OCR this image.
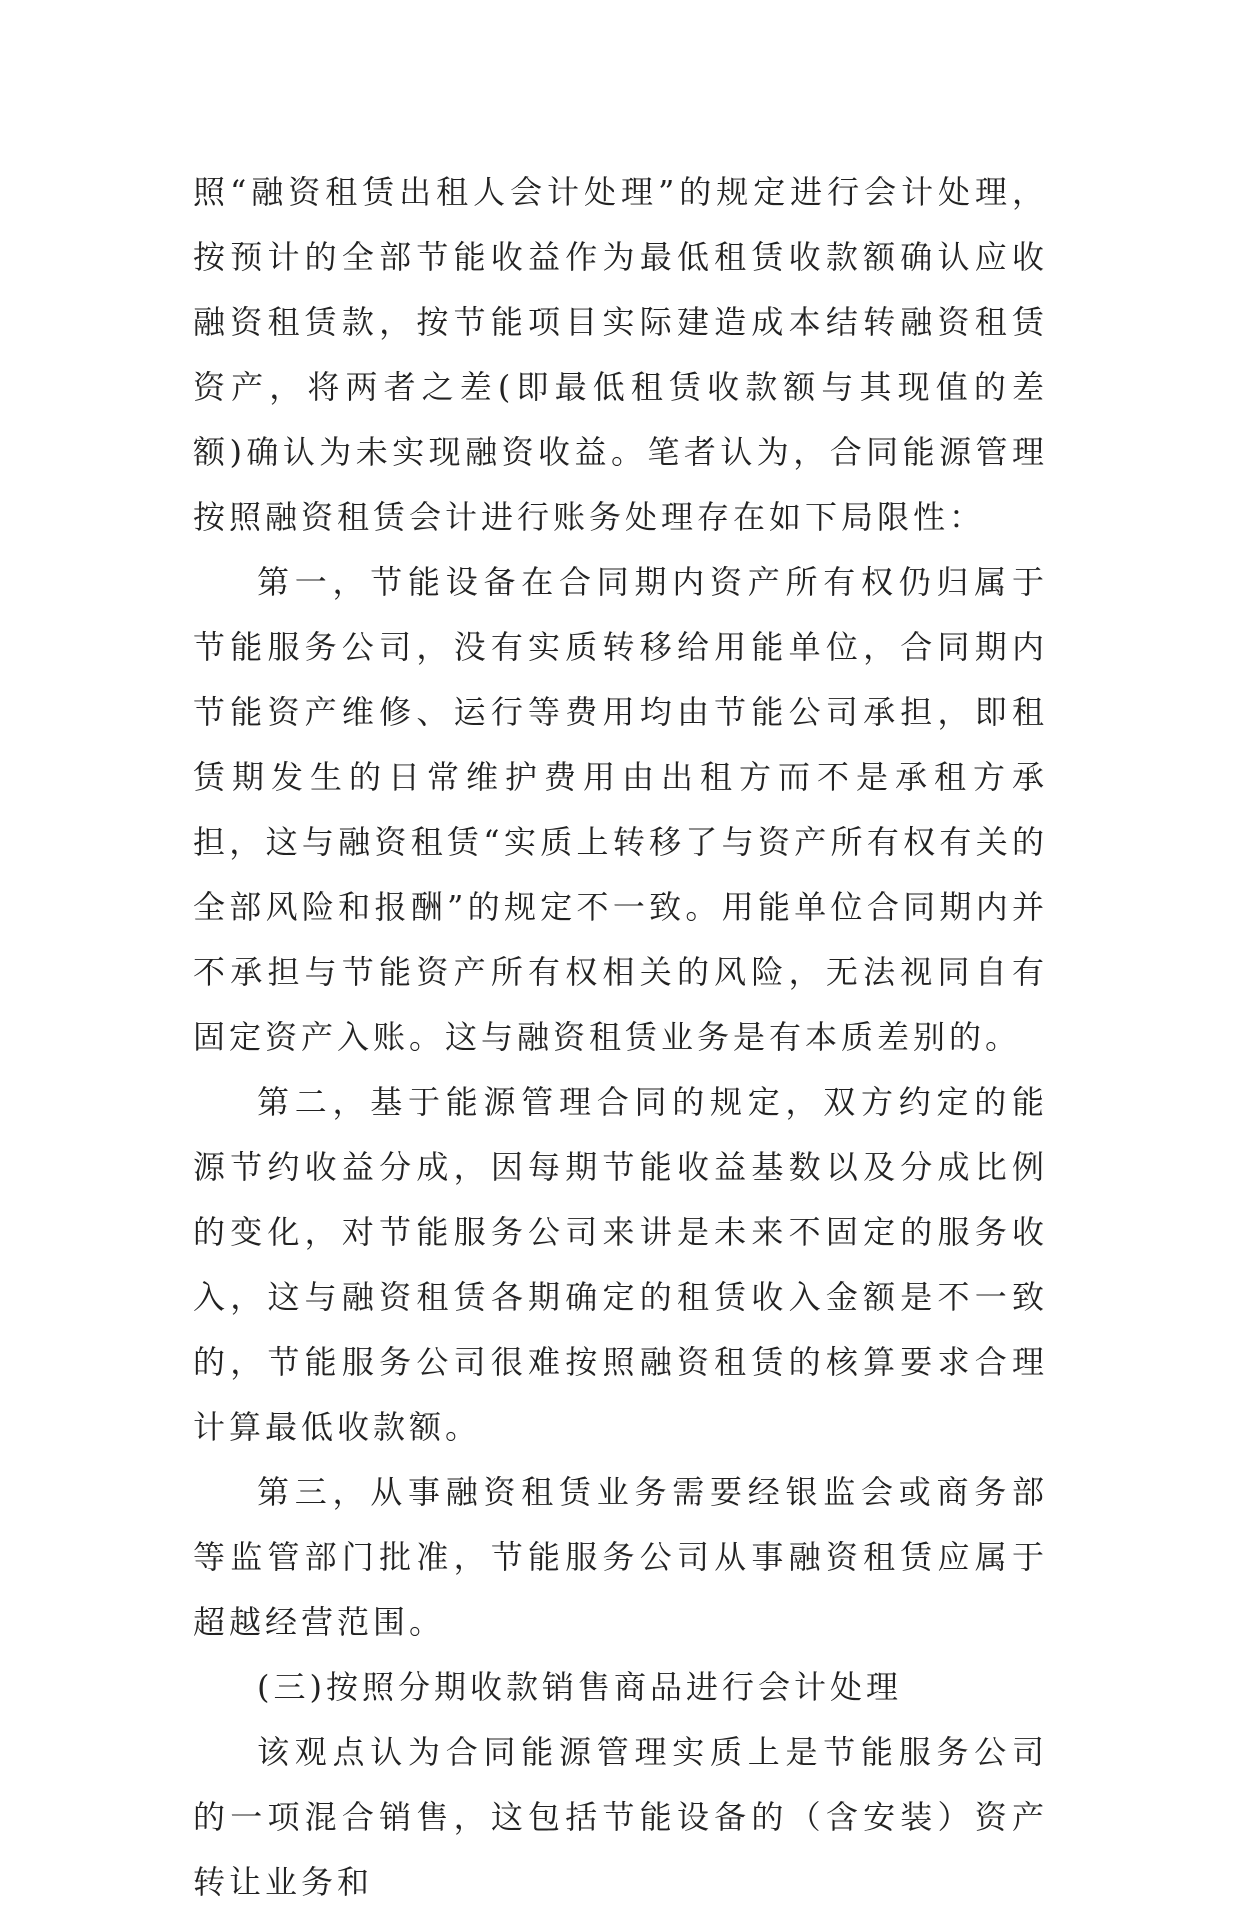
照“融资租赁出租人会计处理”的规定进行会计处理，按预计的全部节能收益作为最低租赁收款额确认应收融资租赁款，按节能项目实际建造成本结转融资租赁资产，将两者之差(即最低租赁收款额与其现值的差额)确认为未实现融资收益。笔者认为，合同能源管理按照融资租赁会计进行账务处理存在如下局限性：

第一，节能设备在合同期内资产所有权仍归属于节能服务公司，没有实质转移给用能单位，合同期内节能资产维修、运行等费用均由节能公司承担，即租赁期发生的日常维护费用由出租方而不是承租方承担，这与融资租赁“实质上转移了与资产所有权有关的全部风险和报酬”的规定不一致。用能单位合同期内并不承担与节能资产所有权相关的风险，无法视同自有固定资产入账。这与融资租赁业务是有本质差别的。

第二，基于能源管理合同的规定，双方约定的能源节约收益分成，因每期节能收益基数以及分成比例的变化，对节能服务公司来讲是未来不固定的服务收入，这与融资租赁各期确定的租赁收入金额是不一致的，节能服务公司很难按照融资租赁的核算要求合理计算最低收款额。

第三，从事融资租赁业务需要经银监会或商务部等监管部门批准，节能服务公司从事融资租赁应属于超越经营范围。

(三)按照分期收款销售商品进行会计处理

该观点认为合同能源管理实质上是节能服务公司的一项混合销售，这包括节能设备的（含安装）资产转让业务和
